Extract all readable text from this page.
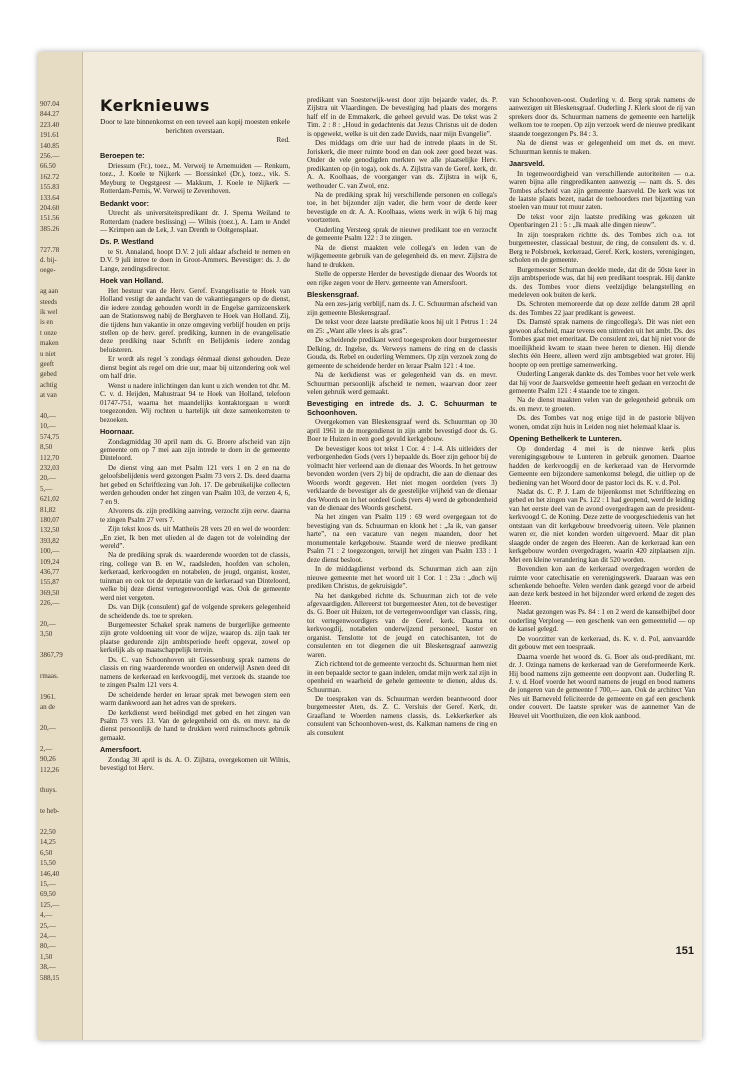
907.04
844.27
223.40
191.61
140.85
256.—
66.50
162.72
155.83
133.64
204.60
151.56
385.26
727.78
d. bij-
oege-
ag aan
steeds
ik wel
is en
t onze
maken
u niet
geeft
gebed
achtig
at van
40,—
10,—
574,75
8,50
112,70
232,03
20,—
5,—
621,02
81,82
180,07
132,50
393,82
100,—
109,24
436,77
155,87
369,50
226,—
20,—
3,50
3867,79
rmaas.
1961.
an de
20,—
2,—
90,26
112,26
thuys.
te heb-
22,50
14,25
6,50
15,50
146,40
15,—
69,50
125,—
4,—
25,—
24,—
80,—
1,50
38,—
588,15
Kerknieuws
Door te late binnenkomst en een teveel aan kopij moesten enkele berichten overstaan.
Red.
Beroepen te:

Driessum (Fr.), toez., M. Verweij te Arnemuiden — Renkum, toez., J. Koele te Nijkerk — Borssinkel (Dr.), toez., vik. S. Meyburg te Oegstgeest — Makkum, J. Koele te Nijkerk — Rotterdam-Pernis, W. Verweij te Zevenhoven.

Bedankt voor:

Utrecht als universiteitspredikant dr. J. Sperna Weiland te Rotterdam (nadere beslissing) — Wilnis (toez.), A. Lam te Andel — Krimpen aan de Lek, J. van Drenth te Ooltgensplaat.

Ds. P. Westland

te St. Annaland, hoopt D.V. 2 juli aldaar afscheid te nemen en D.V. 9 juli intree te doen in Groot-Ammers. Bevestiger: ds. J. de Lange, zendingsdirector.

Hoek van Holland.

Het bestuur van de Herv. Geref. Evangelisatie te Hoek van Holland vestigt de aandacht van de vakantiegangers op de dienst, die iedere zondag gehouden wordt in de Engelse garnizoenskerk aan de Stationsweg nabij de Berghaven te Hoek van Holland. Zij, die tijdens hun vakantie in onze omgeving verblijf houden en prijs stellen op de herv. geref. prediking, kunnen in de evangelisatie deze prediking naar Schrift en Belijdenis iedere zondag beluisteren.

Er wordt als regel 's zondags éénmaal dienst gehouden. Deze dienst begint als regel om drie uur, maar bij uitzondering ook wel om half drie.

Wenst u nadere inlichtingen dan kunt u zich wenden tot dhr. M. C. v. d. Heijden, Mahustraat 94 te Hoek van Holland, telefoon 01747-751, waarna het maandelijks kontaktorgaan u wordt toegezonden. Wij rochten u hartelijk uit deze samenkomsten te bezoeken.

Hoornaar.

Zondagmiddag 30 april nam ds. G. Broere afscheid van zijn gemeente om op 7 mei aan zijn intrede te doen in de gemeente Dinteloord.

De dienst ving aan met Psalm 121 vers 1 en 2 en na de geloofsbelijdenis werd gezongen Psalm 73 vers 2. Ds. deed daarna het gebed en Schriftlezing van Joh. 17. De gebruikelijke collecten werden gehouden onder het zingen van Psalm 103, de verzen 4, 6, 7 en 9.

Alvorens ds. zijn prediking aanving, verzocht zijn eerw. daarna te zingen Psalm 27 vers 7.

Zijn tekst koos ds. uit Mattheüs 28 vers 20 en wel de woorden: „En ziet, Ik ben met ulieden al de dagen tot de voleinding der wereld”.

Na de prediking sprak ds. waarderende woorden tot de classis, ring, college van B. en W., raadsleden, hoofden van scholen, kerkeraad, kerkvoogden en notabelen, de jeugd, organist, koster, tuinman en ook tot de deputatie van de kerkeraad van Dinteloord, welke bij deze dienst vertegenwoordigd was. Ook de gemeente werd niet vergeten.

Ds. van Dijk (consulent) gaf de volgende sprekers gelegenheid de scheidende ds. toe te spreken.

Burgemeester Schakel sprak namens de burgerlijke gemeente zijn grote voldoening uit voor de wijze, waarop ds. zijn taak ter plaatse gedurende zijn ambtsperiode heeft opgevat, zowel op kerkelijk als op maatschappelijk terrein.

Ds. C. van Schoonhoven uit Giessenburg sprak namens de classis en ring waarderende woorden en onderwijl Asnen deed dit namens de kerkeraad en kerkvoogdij, met verzoek ds. staande toe te zingen Psalm 121 vers 4.

De scheidende herder en leraar sprak met bewogen stem een warm dankwoord aan het adres van de sprekers.

De kerkdienst werd beëindigd met gebed en het zingen van Psalm 73 vers 13. Van de gelegenheid om ds. en mevr. na de dienst persoonlijk de hand te drukken werd ruimschoots gebruik gemaakt.

Amersfoort.

Zondag 30 april is ds. A. O. Zijlstra, overgekomen uit Wilnis, bevestigd tot Herv.

predikant van Soesterwijk-west door zijn bejaarde vader, ds. P. Zijlstra uit Vlaardingen. De bevestiging had plaats des morgens half elf in de Emmakerk, die geheel gevuld was. De tekst was 2 Tim. 2 : 8 : „Houd in gedachtenis dat Jezus Christus uit de doden is opgewekt, welke is uit den zade Davids, naar mijn Evangelie”.

Des middags om drie uur had de intrede plaats in de St. Joriskerk, die meer ruimte bood en dan ook zeer goed bezet was. Onder de vele genodigden merkten we alle plaatselijke Herv. predikanten op (in toga), ook ds. A. Zijlstra van de Geref. kerk, dr. A. A. Koolhaas, de voorganger van ds. Zijlstra in wijk 6, wethouder C. van Zwol, enz.

Na de prediking sprak hij verschillende personen en collega's toe, in het bijzonder zijn vader, die hem voor de derde keer bevestigde en dr. A. A. Koolhaas, wiens werk in wijk 6 hij mag voortzetten.

Ouderling Versteeg sprak de nieuwe predikant toe en verzocht de gemeente Psalm 122 : 3 te zingen.

Na de dienst maakten vele collega's en leden van de wijkgemeente gebruik van de gelegenheid ds. en mevr. Zijlstra de hand te drukken.

Stelle de opperste Herder de bevestigde dienaar des Woords tot een rijke zegen voor de Herv. gemeente van Amersfoort.

Bleskensgraaf.

Na een zes-jarig verblijf, nam ds. J. C. Schuurman afscheid van zijn gemeente Bleskensgraaf.

De tekst voor deze laatste predikatie koos hij uit 1 Petrus 1 : 24 en 25: „Want alle vlees is als gras”.

De scheidende predikant werd toegesproken door burgemeester Delking, dr. Ingelse, ds. Verweys namens de ring en de classis Gouda, ds. Rebel en ouderling Wemmers. Op zijn verzoek zong de gemeente de scheidende herder en leraar Psalm 121 : 4 toe.

Na de kerkdienst was er gelegenheid van ds. en mevr. Schuurman persoonlijk afscheid te nemen, waarvan door zeer velen gebruik werd gemaakt.

Bevestiging en intrede ds. J. C. Schuurman te Schoonhoven.

Overgekomen van Bleskensgraaf werd ds. Schuurman op 30 april 1961 in de morgendienst in zijn ambt bevestigd door ds. G. Boer te Huizen in een goed gevuld kerkgebouw.

De bevestiger koos tot tekst 1 Cor. 4 : 1-4. Als uitleiders der verborgenheden Gods (vers 1) bepaalde ds. Boer zijn gehoor bij de volmacht hier verleend aan de dienaar des Woords. In het getrouw bevonden worden (vers 2) bij de opdracht, die aan de dienaar des Woords wordt gegeven. Het niet mogen oordelen (vers 3) verklaarde de bevestiger als de geestelijke vrijheid van de dienaar des Woords en in het oordeel Gods (vers 4) werd de gebondenheid van de dienaar des Woords geschetst.

Na het zingen van Psalm 119 : 69 werd overgegaan tot de bevestiging van ds. Schuurman en klonk het : „Ja ik, van ganser harte”, na een vacature van negen maanden, door het monumentale kerkgebouw. Staande werd de nieuwe predikant Psalm 71 : 2 toegezongen, terwijl het zingen van Psalm 133 : 1 deze dienst besloot.

In de middagdienst verbond ds. Schuurman zich aan zijn nieuwe gemeente met het woord uit 1 Cor. 1 : 23a : „doch wij prediken Christus, de gekruisigde”.

Na het dankgebed richtte ds. Schuurman zich tot de vele afgevaardigden. Allereerst tot burgemeester Aten, tot de bevestiger ds. G. Boer uit Huizen, tot de vertegenwoordiger van classis, ring, tot vertegenwoordigers van de Geref. kerk. Daarna tot kerkvoogdij, notabelen onderwijzend personeel, koster en organist. Tenslotte tot de jeugd en catechisanten, tot de consulenten en tot diegenen die uit Bleskensgraaf aanwezig waren.

Zich richtend tot de gemeente verzocht ds. Schuurman hem niet in een bepaalde sector te gaan indelen, omdat mijn werk zal zijn in openheid en waarheid de gehele gemeente te dienen, aldus ds. Schuurman.

De toespraken van ds. Schuurman werden beantwoord door burgemeester Aten, ds. Z. C. Versluis der Geref. Kerk, dr. Graafland te Woerden namens classis, ds. Lekkerkerker als consulent van Schoonhoven-west, ds. Kalkman namens de ring en als consulent

van Schoonhoven-oost. Ouderling v. d. Berg sprak namens de aanwezigen uit Bleskensgraaf. Ouderling J. Klerk sloot de rij van sprekers door ds. Schuurman namens de gemeente een hartelijk welkom toe te roepen. Op zijn verzoek werd de nieuwe predikant staande toegezongen Ps. 84 : 3.

Na de dienst was er gelegenheid om met ds. en mevr. Schuurman kennis te maken.

Jaarsveld.

In tegenwoordigheid van verschillende autoriteiten — o.a. waren bijna alle ringpredikanten aanwezig — nam ds. S. des Tombes afscheid van zijn gemeente Jaarsveld. De kerk was tot de laatste plaats bezet, nadat de toehoorders met bijzetting van stoelen van muur tot muur zaten.

De tekst voor zijn laatste prediking was gekozen uit Openbaringen 21 : 5 : „Ik maak alle dingen nieuw”.

In zijn toespraken richtte ds. des Tombes zich o.a. tot burgemeester, classicaal bestuur, de ring, de consulent ds. v. d. Berg te Polsbroek, kerkeraad, Geref. Kerk, kosters, verenigingen, scholen en de gemeente.

Burgemeester Schuman deelde mede, dat dit de 50ste keer in zijn ambtsperiode was, dat hij een predikant toesprak. Hij dankte ds. des Tombes voor diens veelzijdige belangstelling en medeleven ook buiten de kerk.

Ds. Schroten memoreerde dat op deze zelfde datum 28 april ds. des Tombes 22 jaar predikant is geweest.

Ds. Damsté sprak namens de ringcollega's. Dit was niet een gewoon afscheid, maar tevens een uittreden uit het ambt. Ds. des Tombes gaat met emeritaat. De consulent zei, dat hij niet voor de moeilijkheid kwam te staan twee heren te dienen. Hij diende slechts één Heere, alleen werd zijn ambtsgebied wat groter. Hij hoopte op een prettige samenwerking.

Ouderling Langerak dankte ds. des Tombes voor het vele werk dat hij voor de Jaarsveldse gemeente heeft gedaan en verzocht de gemeente Psalm 121 : 4 staande toe te zingen.

Na de dienst maakten velen van de gelegenheid gebruik om ds. en mevr. te groeten.

Ds. des Tombes vat nog enige tijd in de pastorie blijven wonen, omdat zijn huis in Leiden nog niet helemaal klaar is.

Opening Bethelkerk te Lunteren.

Op donderdag 4 mei is de nieuwe kerk plus verenigingsgebouw te Lunteren in gebruik genomen. Daartoe hadden de kerkvoogdij en de kerkeraad van de Hervormde Gemeente een bijzondere samenkomst belegd, die uitliep op de bediening van het Woord door de pastor loci ds. K. v. d. Pol.

Nadat ds. C. P. J. Lam de bijeenkomst met Schriftlezing en gebed en het zingen van Ps. 122 : 1 had geopend, werd de leiding van het eerste deel van de avond overgedragen aan de president-kerkvoogd C. de Koning. Deze zette de voorgeschiedenis van het ontstaan van dit kerkgebouw breedvoerig uiteen. Vele plannen waren er, die niet konden worden uitgevoerd. Maar dit plan slaagde onder de zegen des Heeren. Aan de kerkeraad kan een kerkgebouw worden overgedragen, waarin 420 zitplaatsen zijn. Met een kleine verandering kan dit 520 worden.

Bovendien kon aan de kerkeraad overgedragen worden de ruimte voor catechisatie en verenigingswerk. Daaraan was een schenkende behoefte. Velen werden dank gezegd voor de arbeid aan deze kerk besteed in het bijzonder werd erkend de zegen des Heeren.

Nadat gezongen was Ps. 84 : 1 en 2 werd de kanselbijbel door ouderling Verploeg — een geschenk van een gemeentelid — op de kansel gelegd.

De voorzitter van de kerkeraad, ds. K. v. d. Pol, aanvaardde dit gebouw met een toespraak.

Daarna voerde het woord ds. G. Boer als oud-predikant, mr. dr. J. Ozinga namens de kerkeraad van de Gereformeerde Kerk. Hij bood namens zijn gemeente een doopvont aan. Ouderling R. J. v. d. Hoef voerde het woord namens de jeugd en bood namens de jongeren van de gemeente f 700,— aan. Ook de architect Van Nes uit Barneveld feliciteerde de gemeente en gaf een geschenk onder couvert. De laatste spreker was de aannemer Van de Heuvel uit Voorthuizen, die een klok aanbood.

151
